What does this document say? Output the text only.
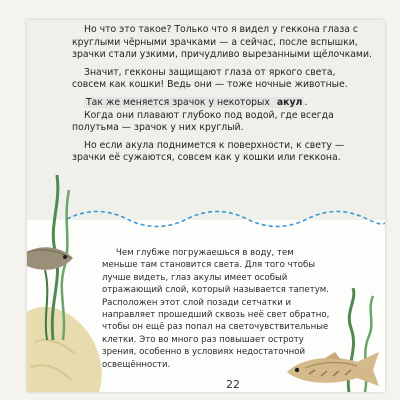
Но что это такое? Только что я видел у геккона глаза с круглыми чёрными зрачками — а сейчас, после вспышки, зрачки стали узкими, причудливо вырезанными щёлочками.

Значит, гекконы защищают глаза от яркого света, совсем как кошки! Ведь они — тоже ночные животные.

Так же меняется зрачок у некоторых акул .

Когда они плавают глубоко под водой, где всегда полутьма — зрачок у них круглый.

Но если акула поднимется к поверхности, к свету — зрачки её сужаются, совсем как у кошки или геккона.

Чем глубже погружаешься в воду, тем меньше там становится света. Для того чтобы лучше видеть, глаз акулы имеет особый отражающий слой, который называется тапетум. Расположен этот слой позади сетчатки и направляет прошедший сквозь неё свет обратно, чтобы он ещё раз попал на светочувствительные клетки. Это во много раз повышает остроту зрения, особенно в условиях недостаточной освещённости.

22
